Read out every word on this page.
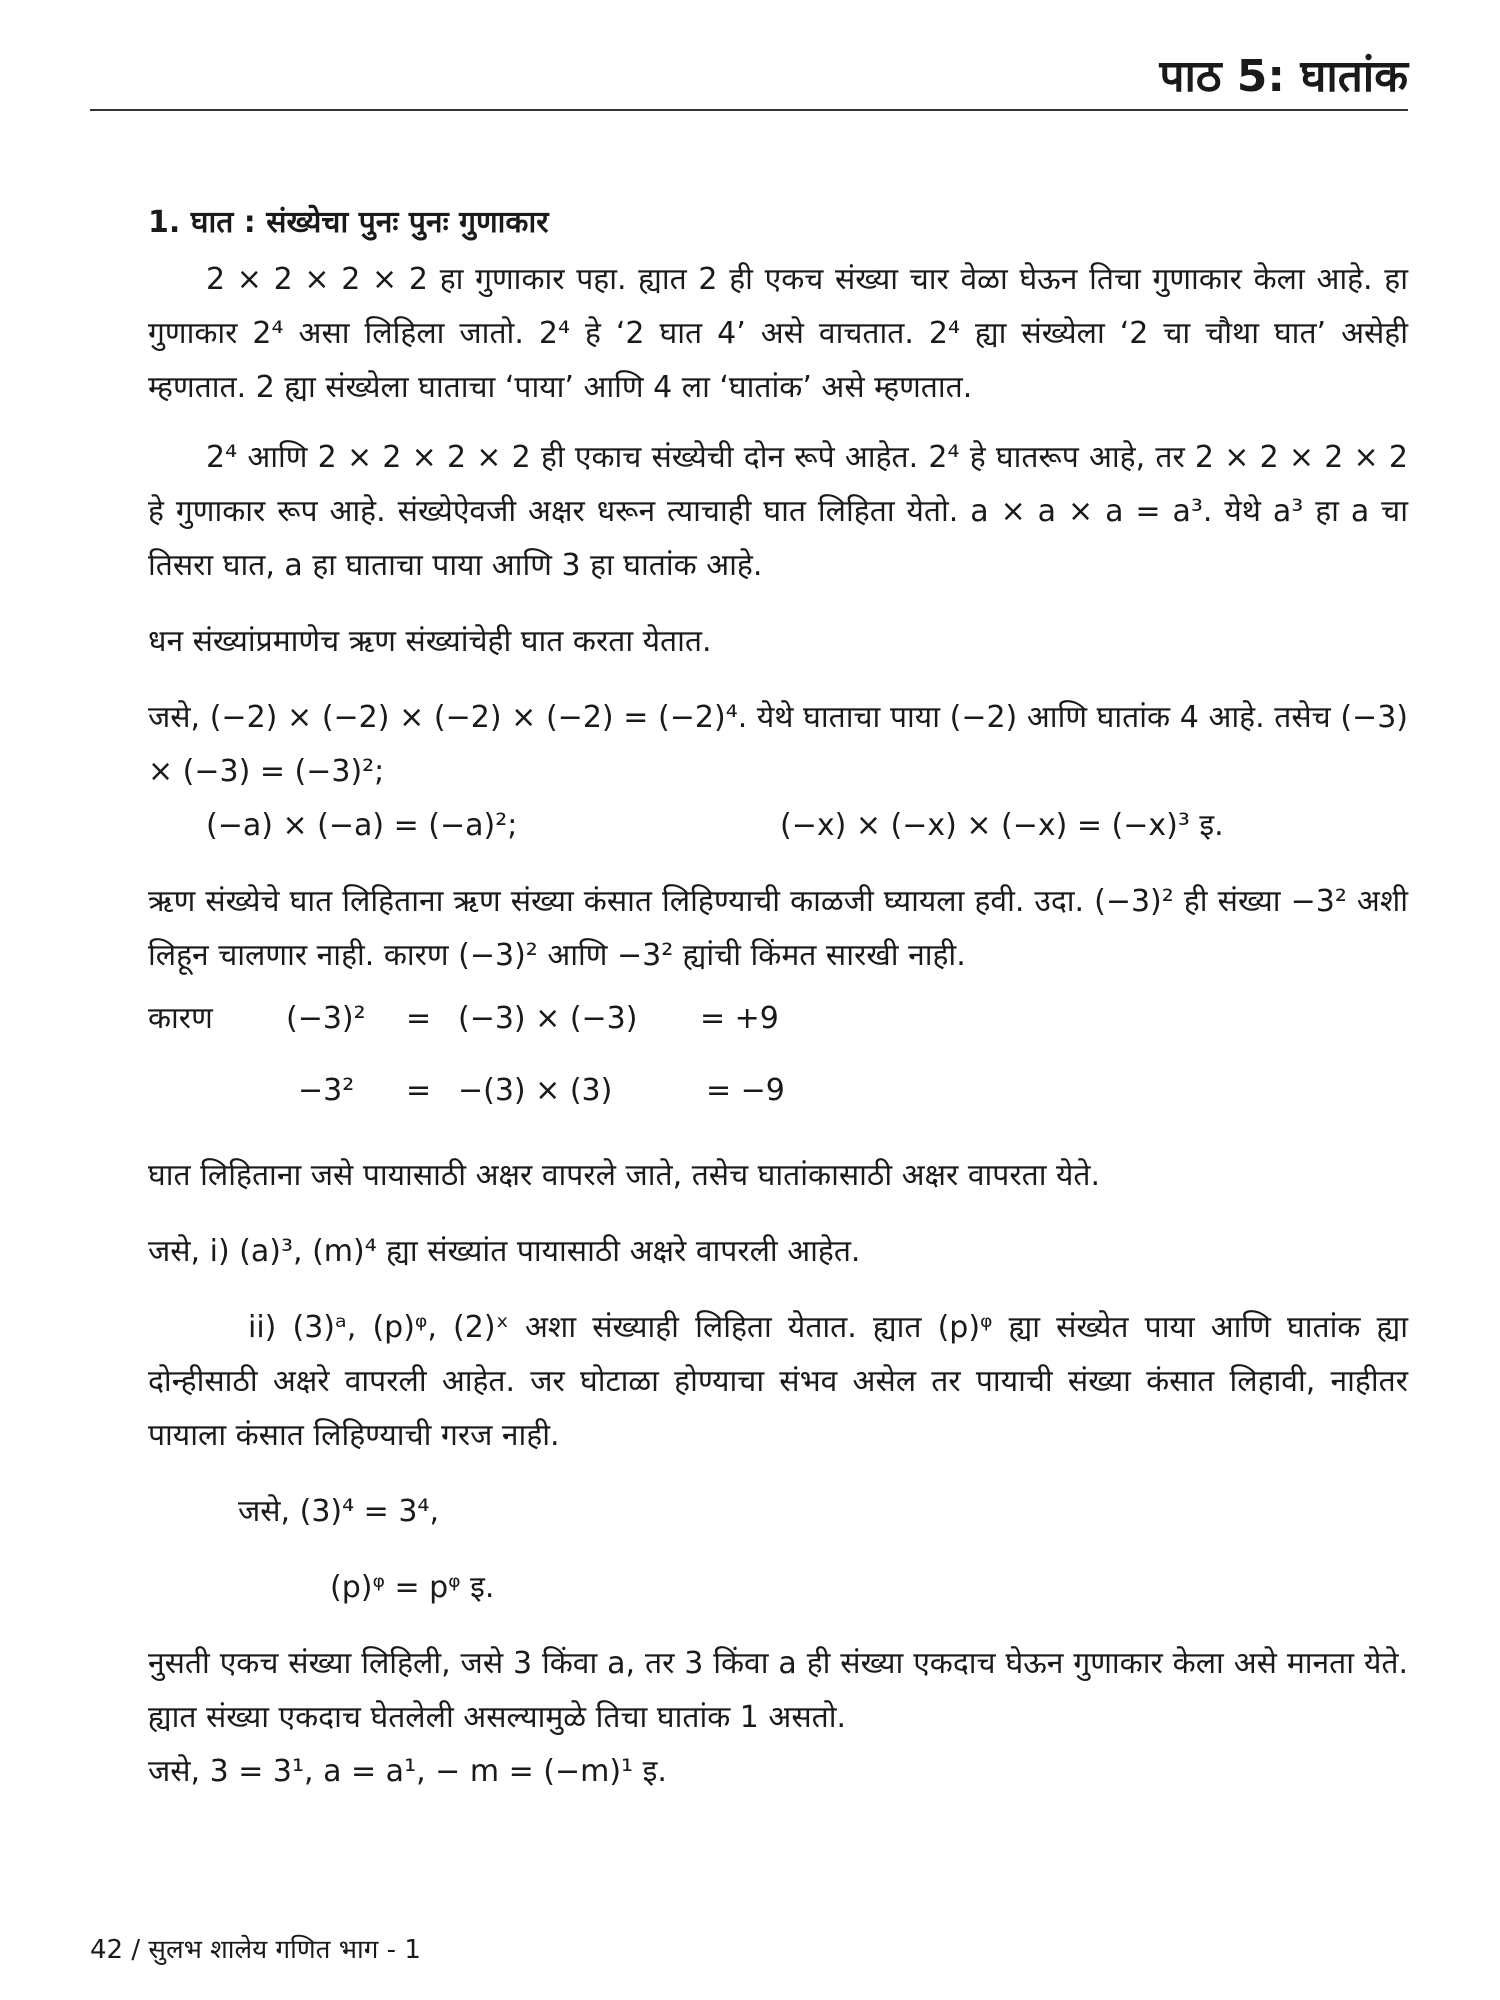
पाठ 5: घातांक

1. घात : संख्येचा पुनः पुनः गुणाकार

2 × 2 × 2 × 2 हा गुणाकार पहा. ह्यात 2 ही एकच संख्या चार वेळा घेऊन तिचा गुणाकार केला आहे. हा गुणाकार 2⁴ असा लिहिला जातो. 2⁴ हे ‘2 घात 4’ असे वाचतात. 2⁴ ह्या संख्येला ‘2 चा चौथा घात’ असेही म्हणतात. 2 ह्या संख्येला घाताचा ‘पाया’ आणि 4 ला ‘घातांक’ असे म्हणतात.

2⁴ आणि 2 × 2 × 2 × 2 ही एकाच संख्येची दोन रूपे आहेत. 2⁴ हे घातरूप आहे, तर 2 × 2 × 2 × 2 हे गुणाकार रूप आहे. संख्येऐवजी अक्षर धरून त्याचाही घात लिहिता येतो. a × a × a = a³. येथे a³ हा a चा तिसरा घात, a हा घाताचा पाया आणि 3 हा घातांक आहे.

धन संख्यांप्रमाणेच ऋण संख्यांचेही घात करता येतात.

जसे, (−2) × (−2) × (−2) × (−2) = (−2)⁴. येथे घाताचा पाया (−2) आणि घातांक 4 आहे. तसेच (−3) × (−3) = (−3)²;

(−a) × (−a) = (−a)²;	(−x) × (−x) × (−x) = (−x)³ इ.

ऋण संख्येचे घात लिहिताना ऋण संख्या कंसात लिहिण्याची काळजी घ्यायला हवी. उदा. (−3)² ही संख्या −3² अशी लिहून चालणार नाही. कारण (−3)² आणि −3² ह्यांची किंमत सारखी नाही.

कारण (−3)² = (−3) × (−3) = +9
−3² = −(3) × (3)	= −9

घात लिहिताना जसे पायासाठी अक्षर वापरले जाते, तसेच घातांकासाठी अक्षर वापरता येते.

जसे, i) (a)³, (m)⁴ ह्या संख्यांत पायासाठी अक्षरे वापरली आहेत.

ii) (3)ᵃ, (p)ᵠ, (2)ˣ अशा संख्याही लिहिता येतात. ह्यात (p)ᵠ ह्या संख्येत पाया आणि घातांक ह्या दोन्हीसाठी अक्षरे वापरली आहेत. जर घोटाळा होण्याचा संभव असेल तर पायाची संख्या कंसात लिहावी, नाहीतर पायाला कंसात लिहिण्याची गरज नाही.

जसे, (3)⁴ = 3⁴,

(p)ᵠ = pᵠ इ.

नुसती एकच संख्या लिहिली, जसे 3 किंवा a, तर 3 किंवा a ही संख्या एकदाच घेऊन गुणाकार केला असे मानता येते. ह्यात संख्या एकदाच घेतलेली असल्यामुळे तिचा घातांक 1 असतो.

जसे, 3 = 3¹, a = a¹, − m = (−m)¹ इ.

42 / सुलभ शालेय गणित भाग - 1
